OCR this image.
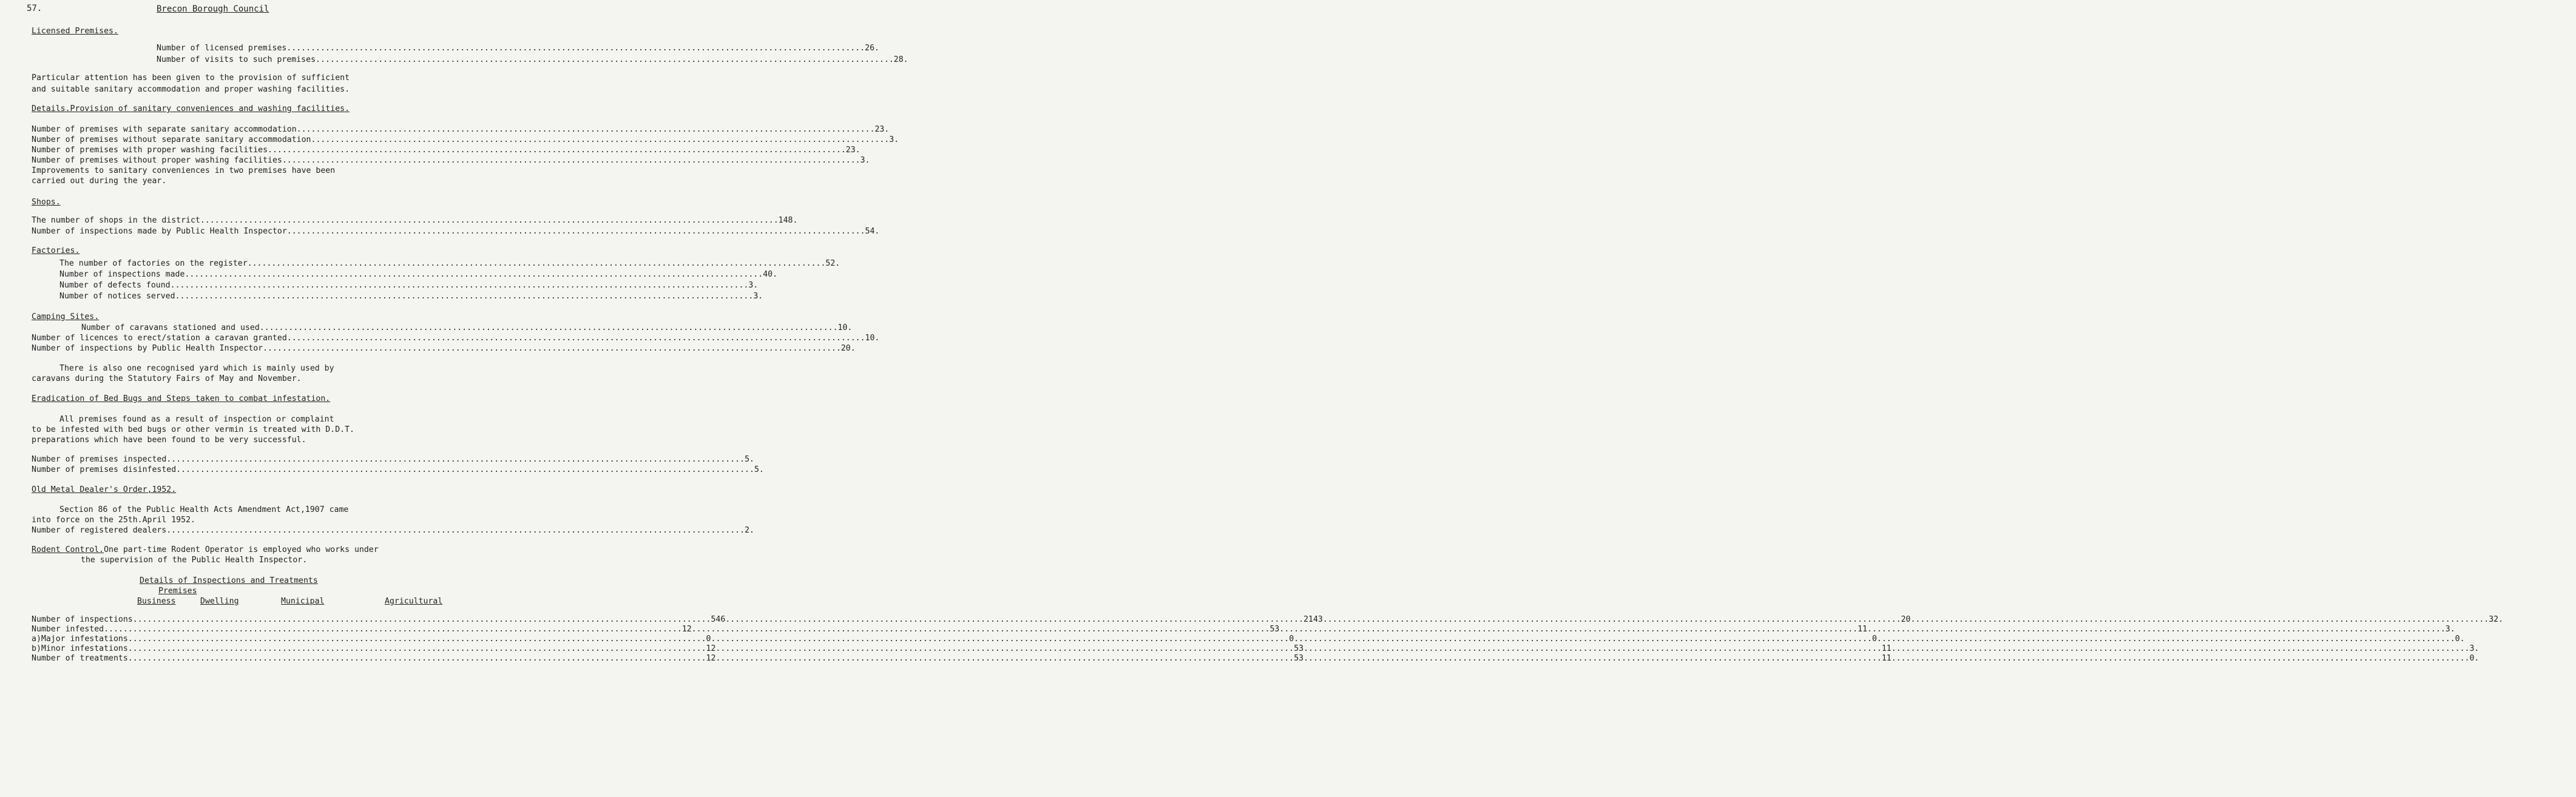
57.	Brecon Borough Council
Licensed Premises.
Number of licensed premises .....	26.
Number of visits to such premises .....	28.
Particular attention has been given to the provision of sufficient
and suitable sanitary accommodation and proper washing facilities.
Details.Provision of sanitary conveniences and washing facilities.
Number of premises with separate sanitary accommodation .....	23.
Number of premises without separate sanitary accommodation .....	3.
Number of premises with proper washing facilities .....	23.
Number of premises without proper washing facilities .....	3.
Improvements to sanitary conveniences in two premises have been
carried out during the year.
Shops.
The number of shops in the district .....	148.
Number of inspections made by Public Health Inspector .....	54.
Factories.
The number of factories on the register .....	52.
Number of inspections made .....	40.
Number of defects found .....	3.
Number of notices served .....	3.
Camping Sites.
Number of caravans stationed and used .....	10.
Number of licences to erect/station a caravan granted .....	10.
Number of inspections by Public Health Inspector .....	20.
There is also one recognised yard which is mainly used by
caravans during the Statutory Fairs of May and November.
Eradication of Bed Bugs and Steps taken to combat infestation.
All premises found as a result of inspection or complaint
to be infested with bed bugs or other vermin is treated with D.D.T.
preparations which have been found to be very successful.
Number of premises inspected .....	5.
Number of premises disinfested .....	5.
Old Metal Dealer's Order,1952.
Section 86 of the Public Health Acts Amendment Act,1907 came
into force on the 25th.April 1952.
Number of registered dealers .....	2.
Rodent Control.One part-time Rodent Operator is employed who works under
the supervision of the Public Health Inspector.
Details of Inspections and Treatments
Premises
Business	Dwelling	Municipal	Agricultural
Number of inspections .....	546 .....	2143 .....	20 .....	32.
Number infested .....	12 .....	53 .....	11 .....	3.
a)Major infestations .....	0 .....	0 .....	0 .....	0.
b)Minor infestations .....	12 .....	53 .....	11 .....	3.
Number of treatments .....	12 .....	53 .....	11 .....	0.
